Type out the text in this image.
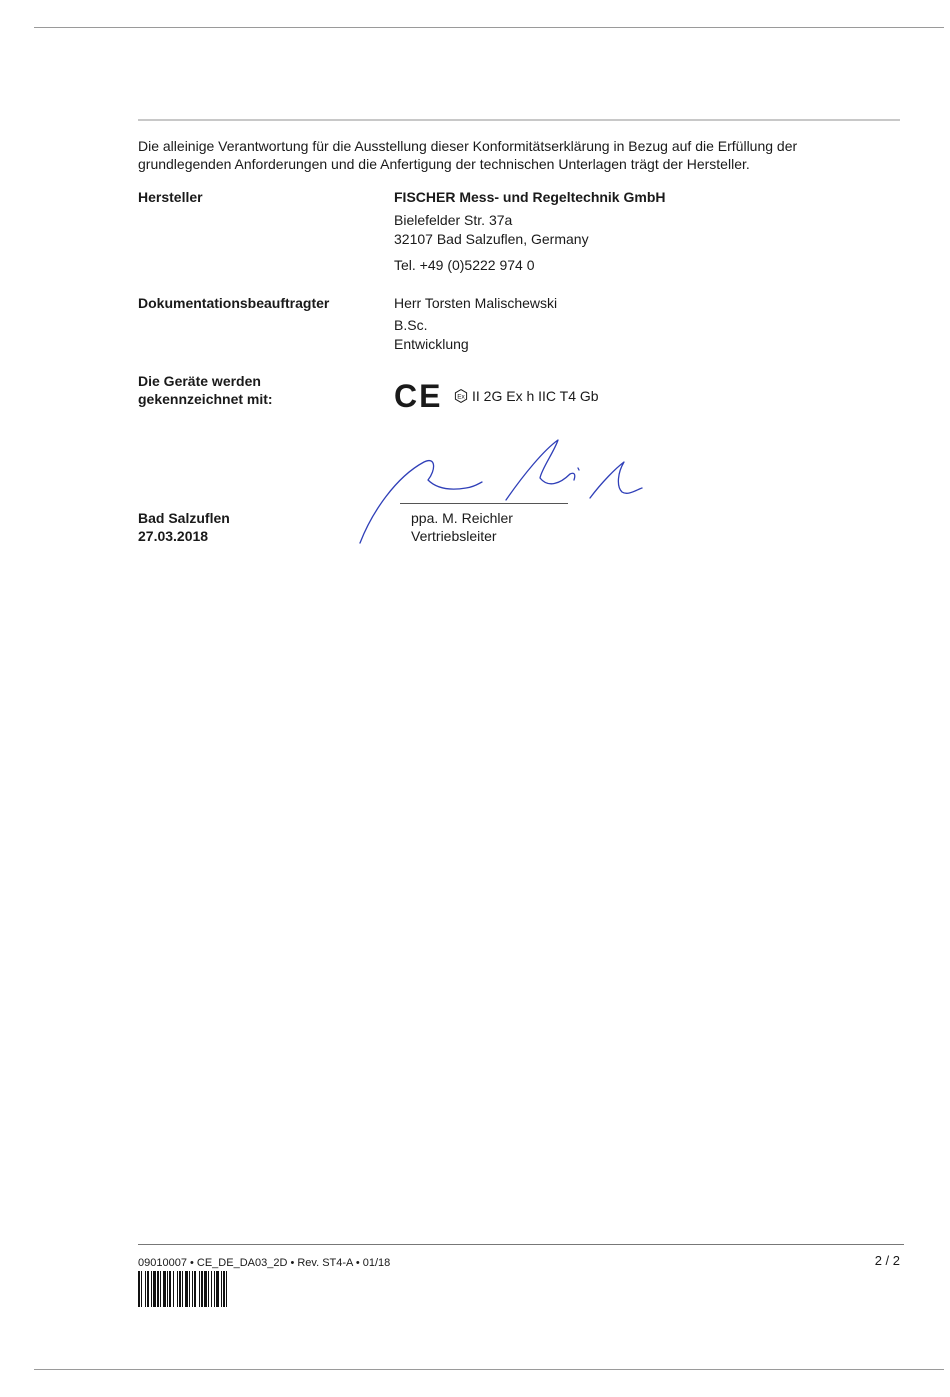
Die alleinige Verantwortung für die Ausstellung dieser Konformitätserklärung in Bezug auf die Erfüllung der
grundlegenden Anforderungen und die Anfertigung der technischen Unterlagen trägt der Hersteller.
Hersteller	FISCHER Mess- und Regeltechnik GmbH
Bielefelder Str. 37a
32107 Bad Salzuflen, Germany
Tel. +49 (0)5222 974 0
Dokumentationsbeauftragter	Herr Torsten Malischewski
B.Sc.
Entwicklung
Die Geräte werden
gekennzeichnet mit:	CE Ex II 2G Ex h IIC T4 Gb
Bad Salzuflen
27.03.2018
ppa. M. Reichler
Vertriebsleiter
09010007 • CE_DE_DA03_2D • Rev. ST4-A • 01/18	2 / 2
